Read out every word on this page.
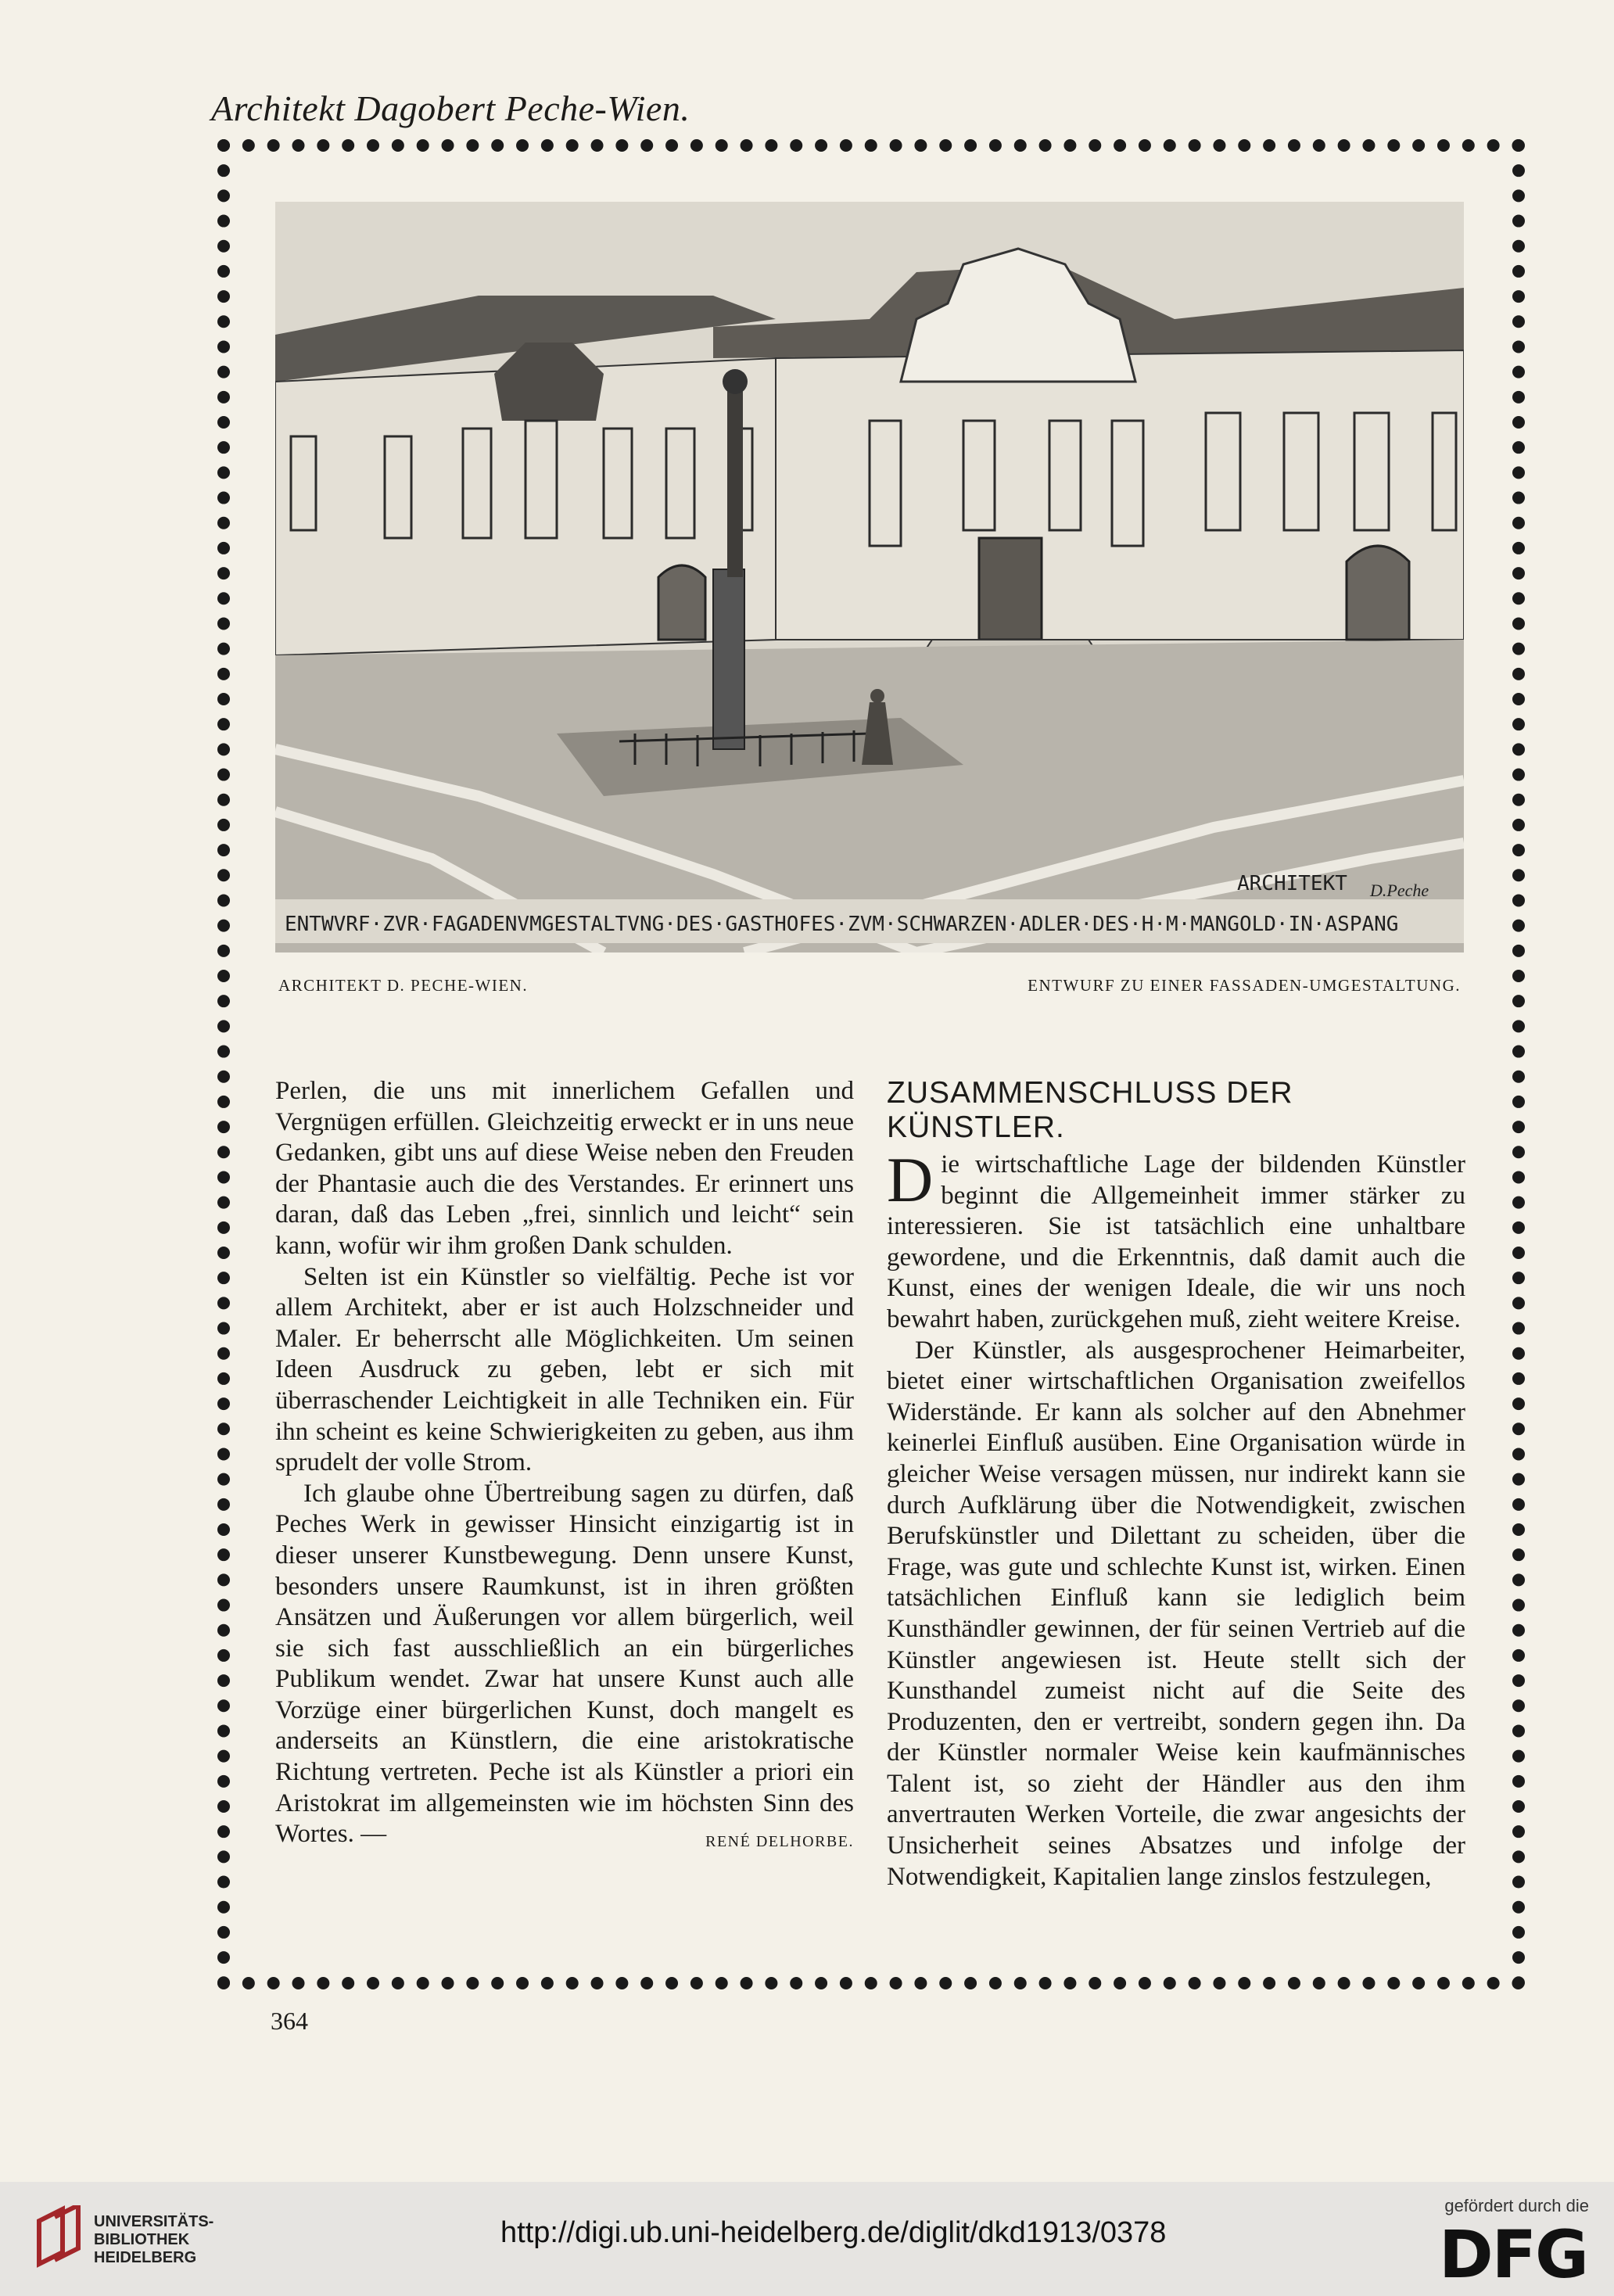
Architekt Dagobert Peche-Wien.
ENTWVRF·ZVR·FAGADENVMGESTALTVNG·DES·GASTHOFES·ZVM·SCHWARZEN·ADLER·DES·H·M·MANGOLD·IN·ASPANG
ARCHITEKT D.Peche
ARCHITEKT D. PECHE-WIEN.	ENTWURF ZU EINER FASSADEN-UMGESTALTUNG.

Perlen, die uns mit innerlichem Gefallen und Vergnügen erfüllen. Gleichzeitig erweckt er in uns neue Gedanken, gibt uns auf diese Weise neben den Freuden der Phantasie auch die des Verstandes. Er erinnert uns daran, daß das Leben „frei, sinnlich und leicht“ sein kann, wofür wir ihm großen Dank schulden.

Selten ist ein Künstler so vielfältig. Peche ist vor allem Architekt, aber er ist auch Holzschneider und Maler. Er beherrscht alle Möglichkeiten. Um seinen Ideen Ausdruck zu geben, lebt er sich mit überraschender Leichtigkeit in alle Techniken ein. Für ihn scheint es keine Schwierigkeiten zu geben, aus ihm sprudelt der volle Strom.

Ich glaube ohne Übertreibung sagen zu dürfen, daß Peches Werk in gewisser Hinsicht einzigartig ist in dieser unserer Kunstbewegung. Denn unsere Kunst, besonders unsere Raumkunst, ist in ihren größten Ansätzen und Äußerungen vor allem bürgerlich, weil sie sich fast ausschließlich an ein bürgerliches Publikum wendet. Zwar hat unsere Kunst auch alle Vorzüge einer bürgerlichen Kunst, doch mangelt es anderseits an Künstlern, die eine aristokratische Richtung vertreten. Peche ist als Künstler a priori ein Aristokrat im allgemeinsten wie im höchsten Sinn des Wortes. —	RENÉ DELHORBE.

ZUSAMMENSCHLUSS DER KÜNSTLER.

Die wirtschaftliche Lage der bildenden Künstler beginnt die Allgemeinheit immer stärker zu interessieren. Sie ist tatsächlich eine unhaltbare gewordene, und die Erkenntnis, daß damit auch die Kunst, eines der wenigen Ideale, die wir uns noch bewahrt haben, zurückgehen muß, zieht weitere Kreise.

Der Künstler, als ausgesprochener Heimarbeiter, bietet einer wirtschaftlichen Organisation zweifellos Widerstände. Er kann als solcher auf den Abnehmer keinerlei Einfluß ausüben. Eine Organisation würde in gleicher Weise versagen müssen, nur indirekt kann sie durch Aufklärung über die Notwendigkeit, zwischen Berufskünstler und Dilettant zu scheiden, über die Frage, was gute und schlechte Kunst ist, wirken. Einen tatsächlichen Einfluß kann sie lediglich beim Kunsthändler gewinnen, der für seinen Vertrieb auf die Künstler angewiesen ist. Heute stellt sich der Kunsthandel zumeist nicht auf die Seite des Produzenten, den er vertreibt, sondern gegen ihn. Da der Künstler normaler Weise kein kaufmännisches Talent ist, so zieht der Händler aus den ihm anvertrauten Werken Vorteile, die zwar angesichts der Unsicherheit seines Absatzes und infolge der Notwendigkeit, Kapitalien lange zinslos festzulegen,

364
UNIVERSITÄTS-
BIBLIOTHEK
HEIDELBERG
http://digi.ub.uni-heidelberg.de/diglit/dkd1913/0378
gefördert durch die
DFG
